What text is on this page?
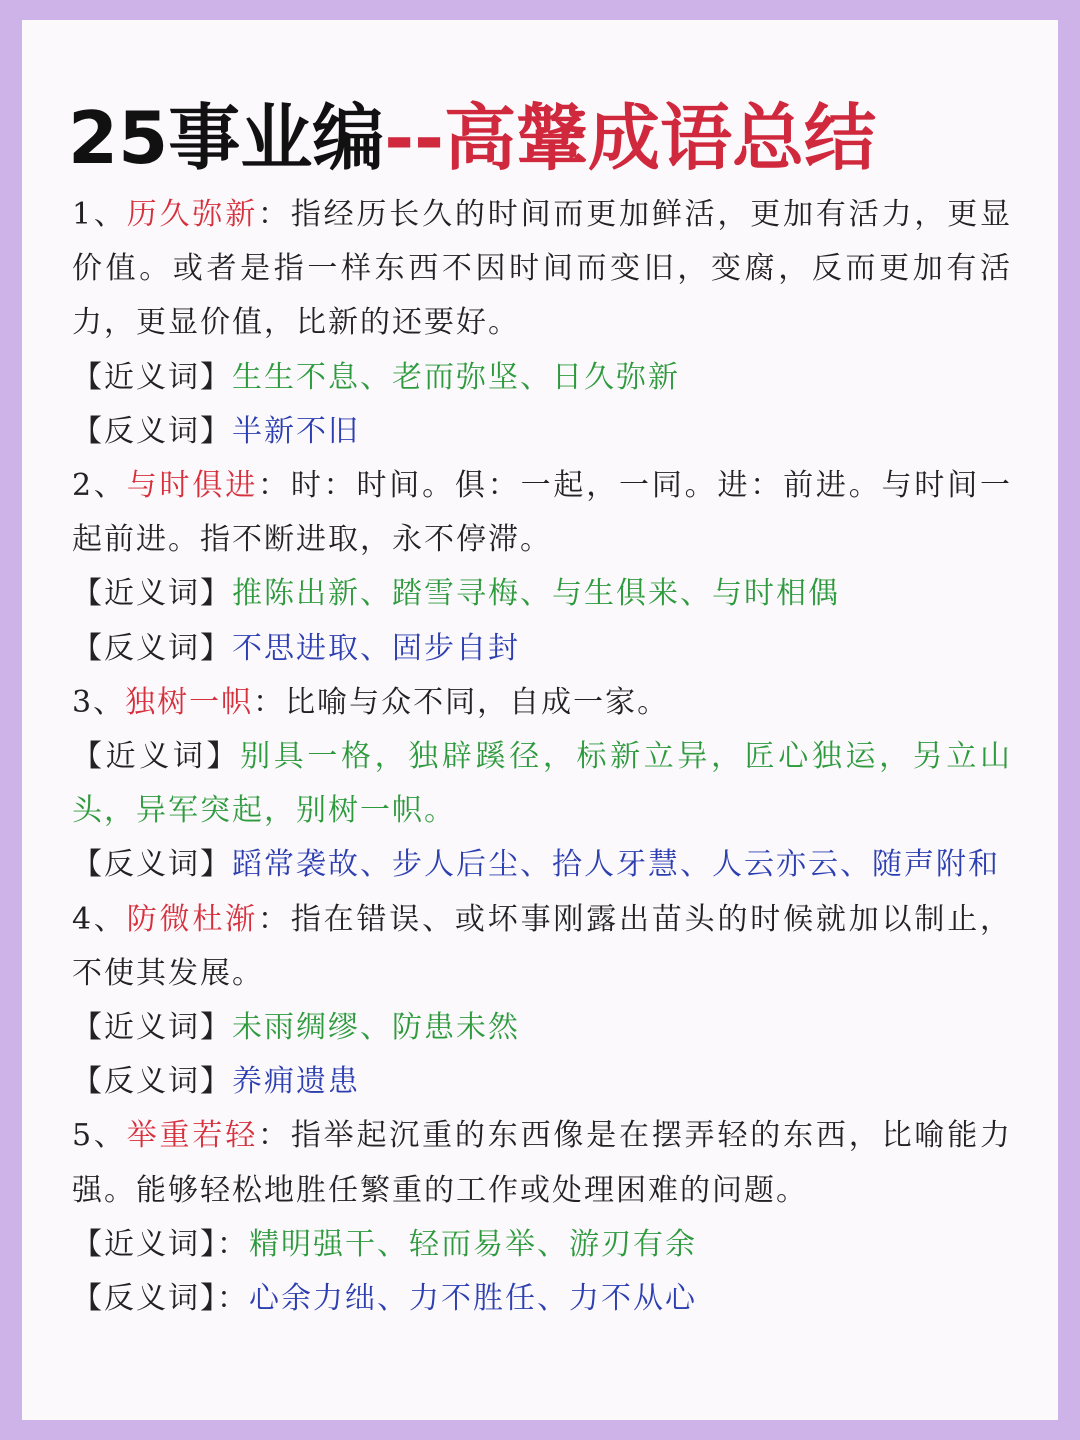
25事业编--高鞶成语总结

1、历久弥新：指经历长久的时间而更加鲜活，更加有活力，更显价值。或者是指一样东西不因时间而变旧，变腐，反而更加有活力，更显价值，比新的还要好。

【近义词】生生不息、老而弥坚、日久弥新

【反义词】半新不旧

2、与时俱进：时：时间。俱：一起，一同。进：前进。与时间一起前进。指不断进取，永不停滞。

【近义词】推陈出新、踏雪寻梅、与生俱来、与时相偶

【反义词】不思进取、固步自封

3、独树一帜：比喻与众不同，自成一家。

【近义词】别具一格，独辟蹊径，标新立异，匠心独运，另立山头，异军突起，别树一帜。

【反义词】蹈常袭故、步人后尘、拾人牙慧、人云亦云、随声附和

4、防微杜渐：指在错误、或坏事刚露出苗头的时候就加以制止，不使其发展。

【近义词】未雨绸缪、防患未然

【反义词】养痈遗患

5、举重若轻：指举起沉重的东西像是在摆弄轻的东西，比喻能力强。能够轻松地胜任繁重的工作或处理困难的问题。

【近义词】：精明强干、轻而易举、游刃有余

【反义词】：心余力绌、力不胜任、力不从心
